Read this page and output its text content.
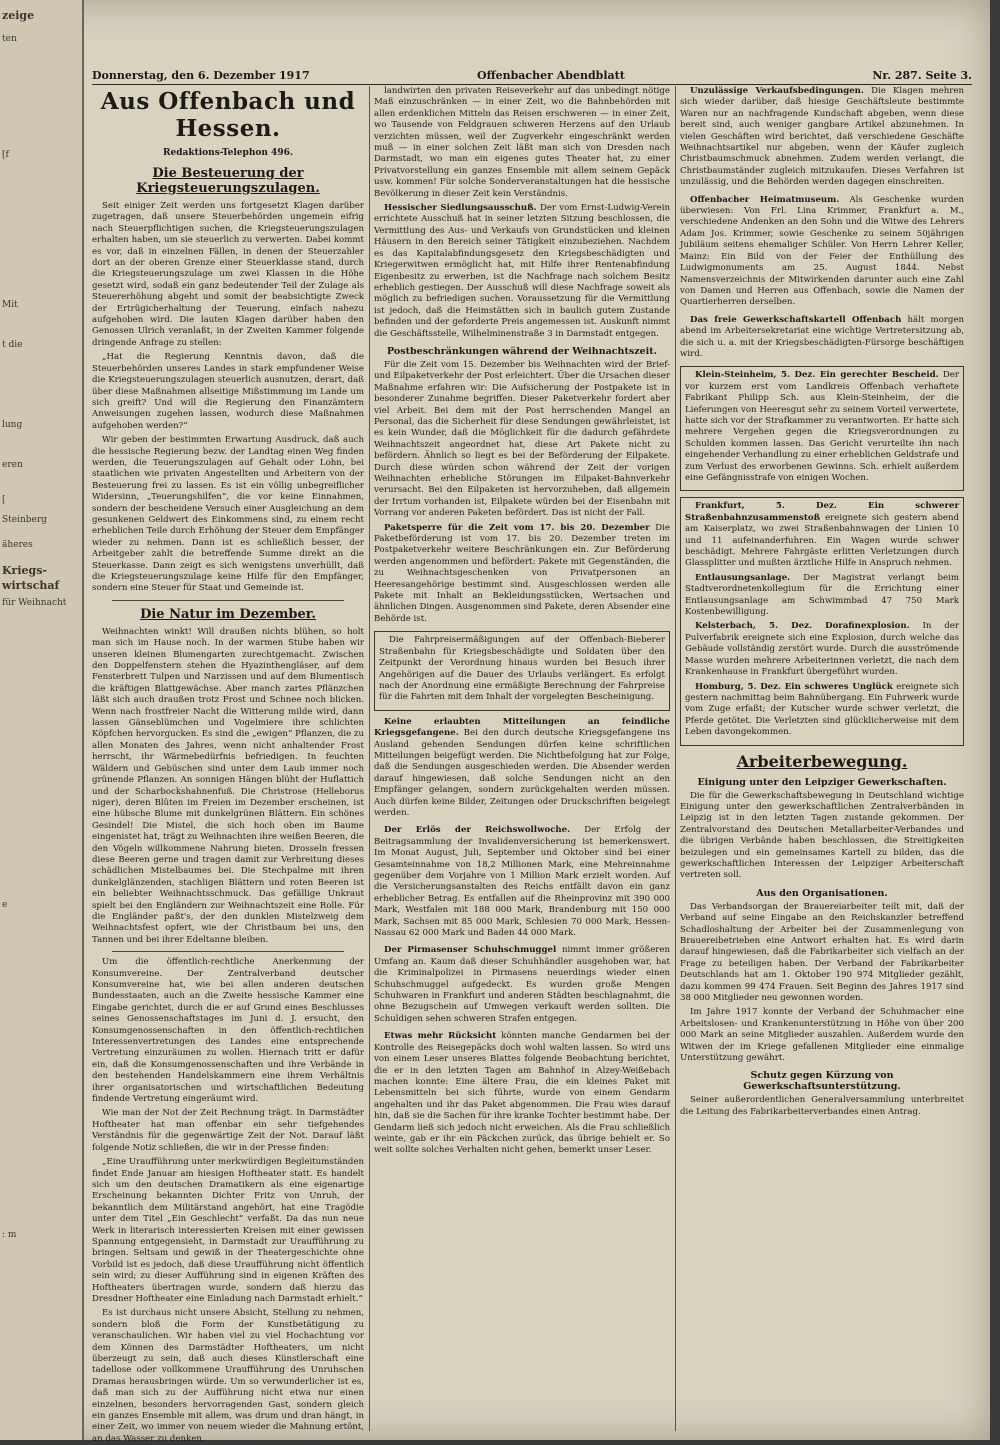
zeige
ten
[f
Mit
t die
lung
eren
[
Steinberg
äheres
Kriegs-
wirtschaf
für Weihnacht
e
: m
Donnerstag, den 6. Dezember 1917	Offenbacher Abendblatt	Nr. 287. Seite 3.
Aus Offenbach und Hessen.
Redaktions-Telephon 496.
Die Besteuerung der Kriegsteuerungszulagen.

Seit einiger Zeit werden uns fortgesetzt Klagen darüber zugetragen, daß unsere Steuerbehörden ungemein eifrig nach Steuerpflichtigen suchen, die Kriegsteuerungszulagen erhalten haben, um sie steuerlich zu verwerten. Dabei kommt es vor, daß in einzelnen Fällen, in denen der Steuerzahler dort an der oberen Grenze einer Steuerklasse stand, durch die Kriegsteuerungszulage um zwei Klassen in die Höhe gesetzt wird, sodaß ein ganz bedeutender Teil der Zulage als Steuererhöhung abgeht und somit der beabsichtigte Zweck der Ertrügicherhaltung der Teuerung, einfach nahezu aufgehoben wird. Die lauten Klagen darüber haben den Genossen Ulrich veranlaßt, in der Zweiten Kammer folgende dringende Anfrage zu stellen:

„Hat die Regierung Kenntnis davon, daß die Steuerbehörden unseres Landes in stark empfundener Weise die Kriegsteuerungszulagen steuerlich ausnutzen, derart, daß über diese Maßnahmen allseitige Mißstimmung im Lande um sich greift? Und will die Regierung den Finanzämtern Anweisungen zugehen lassen, wodurch diese Maßnahmen aufgehoben werden?“

Wir geben der bestimmten Erwartung Ausdruck, daß auch die hessische Regierung bezw. der Landtag einen Weg finden werden, die Teuerungszulagen auf Gehalt oder Lohn, bei staatlichen wie privaten Angestellten und Arbeitern von der Besteuerung frei zu lassen. Es ist ein völlig unbegreiflicher Widersinn, „Teuerungshilfen“, die vor keine Einnahmen, sondern der bescheidene Versuch einer Ausgleichung an dem gesunkenen Geldwert des Einkommens sind, zu einem recht erheblichen Teile durch Erhöhung der Steuer dem Empfänger wieder zu nehmen. Dann ist es schließlich besser, der Arbeitgeber zahlt die betreffende Summe direkt an die Steuerkasse. Dann zeigt es sich wenigstens unverhüllt, daß die Kriegsteuerungszulage keine Hilfe für den Empfänger, sondern eine Steuer für Staat und Gemeinde ist.

Die Natur im Dezember.

Weihnachten winkt! Will draußen nichts blühen, so holt man sich im Hause noch. In der warmen Stube haben wir unseren kleinen Blumengarten zurechtgemacht. Zwischen den Doppelfenstern stehen die Hyazinthengläser, auf dem Fensterbrett Tulpen und Narzissen und auf dem Blumentisch die kräftigen Blattgewächse. Aber manch zartes Pflänzchen läßt sich auch draußen trotz Frost und Schnee noch blicken. Wenn nach frostfreier Nacht die Witterung milde wird, dann lassen Gänseblümchen und Vogelmiere ihre schlichten Köpfchen hervorgucken. Es sind die „ewigen“ Pflanzen, die zu allen Monaten des Jahres, wenn nicht anhaltender Frost herrscht, ihr Wärmebedürfnis befriedigen. In feuchten Wäldern und Gebüschen sind unter dem Laub immer noch grünende Pflanzen. An sonnigen Hängen blüht der Huflattich und der Scharbockshahnenfuß. Die Christrose (Helleborus niger), deren Blüten im Freien im Dezember erscheinen, ist eine hübsche Blume mit dunkelgrünen Blättern. Ein schönes Gesindel! Die Mistel, die sich hoch oben im Baume eingenistet hat, trägt zu Weihnachten ihre weißen Beeren, die den Vögeln willkommene Nahrung bieten. Drosseln fressen diese Beeren gerne und tragen damit zur Verbreitung dieses schädlichen Mistelbaumes bei. Die Stechpalme mit ihren dunkelglänzenden, stachligen Blättern und roten Beeren ist ein beliebter Weihnachtsschmuck. Das gefällige Unkraut spielt bei den Engländern zur Weihnachtszeit eine Rolle. Für die Engländer paßt's, der den dunklen Mistelzweig dem Weihnachtsfest opfert, wie der Christbaum bei uns, den Tannen und bei ihrer Edeltanne bleiben.

Um die öffentlich-rechtliche Anerkennung der Konsumvereine. Der Zentralverband deutscher Konsumvereine hat, wie bei allen anderen deutschen Bundesstaaten, auch an die Zweite hessische Kammer eine Eingabe gerichtet, durch die er auf Grund eines Beschlusses seines Genossenschaftstages im Juni d. J. ersucht, den Konsumgenossenschaften in den öffentlich-rechtlichen Interessenvertretungen des Landes eine entsprechende Vertretung einzuräumen zu wollen. Hiernach tritt er dafür ein, daß die Konsumgenossenschaften und ihre Verbände in den bestehenden Handelskammern eine ihrem Verhältnis ihrer organisatorischen und wirtschaftlichen Bedeutung findende Vertretung eingeräumt wird.

Wie man der Not der Zeit Rechnung trägt. In Darmstädter Hoftheater hat man offenbar ein sehr tiefgehendes Verständnis für die gegenwärtige Zeit der Not. Darauf läßt folgende Notiz schließen, die wir in der Presse finden:

„Eine Uraufführung unter merkwürdigen Begleitumständen findet Ende Januar am hiesigen Hoftheater statt. Es handelt sich um den deutschen Dramatikern als eine eigenartige Erscheinung bekannten Dichter Fritz von Unruh, der bekanntlich dem Militärstand angehört, hat eine Tragödie unter dem Titel „Ein Geschlecht“ verfaßt. Da das nun neue Werk in literarisch interessierten Kreisen mit einer gewissen Spannung entgegensieht, in Darmstadt zur Uraufführung zu bringen. Seltsam und gewiß in der Theatergeschichte ohne Vorbild ist es jedoch, daß diese Uraufführung nicht öffentlich sein wird; zu dieser Aufführung sind in eigenen Kräften des Hoftheaters übertragen wurde, sondern daß hierzu das Dresdner Hoftheater eine Einladung nach Darmstadt erhielt.“

Es ist durchaus nicht unsere Absicht, Stellung zu nehmen, sondern bloß die Form der Kunstbetätigung zu veranschaulichen. Wir haben viel zu viel Hochachtung vor dem Können des Darmstädter Hoftheaters, um nicht überzeugt zu sein, daß auch dieses Künstlerschaft eine tadellose oder vollkommene Uraufführung des Unruhschen Dramas herausbringen würde. Um so verwunderlicher ist es, daß man sich zu der Aufführung nicht etwa nur einen einzelnen, besonders hervorragenden Gast, sondern gleich ein ganzes Ensemble mit allem, was drum und dran hängt, in einer Zeit, wo immer von neuem wieder die Mahnung ertönt, an das Wasser zu denken.

landwirten den privaten Reiseverkehr auf das unbedingt nötige Maß einzuschränken — in einer Zeit, wo die Bahnbehörden mit allen erdenklichen Mitteln das Reisen erschweren — in einer Zeit, wo Tausende von Feldgrauen schweren Herzens auf den Urlaub verzichten müssen, weil der Zugverkehr eingeschränkt werden muß — in einer solchen Zeit läßt man sich von Dresden nach Darmstadt, wo man ein eigenes gutes Theater hat, zu einer Privatvorstellung ein ganzes Ensemble mit allem seinem Gepäck usw. kommen! Für solche Sonderveranstaltungen hat die hessische Bevölkerung in dieser Zeit kein Verständnis.

Hessischer Siedlungsausschuß. Der vom Ernst-Ludwig-Verein errichtete Ausschuß hat in seiner letzten Sitzung beschlossen, die Vermittlung des Aus- und Verkaufs von Grundstücken und kleinen Häusern in den Bereich seiner Tätigkeit einzubeziehen. Nachdem es das Kapitalabfindungsgesetz den Kriegsbeschädigten und Kriegerwitwen ermöglicht hat, mit Hilfe ihrer Rentenabfindung Eigenbesitz zu erwerben, ist die Nachfrage nach solchem Besitz erheblich gestiegen. Der Ausschuß will diese Nachfrage soweit als möglich zu befriedigen suchen. Voraussetzung für die Vermittlung ist jedoch, daß die Heimstätten sich in baulich gutem Zustande befinden und der geforderte Preis angemessen ist. Auskunft nimmt die Geschäftsstelle, Wilhelminenstraße 3 in Darmstadt entgegen.

Postbeschränkungen während der Weihnachtszeit.

Für die Zeit vom 15. Dezember bis Weihnachten wird der Brief- und Eilpaketverkehr der Post erleichtert. Über die Ursachen dieser Maßnahme erfahren wir: Die Aufsicherung der Postpakete ist in besonderer Zunahme begriffen. Dieser Paketverkehr fordert aber viel Arbeit. Bei dem mit der Post herrschenden Mangel an Personal, das die Sicherheit für diese Sendungen gewährleistet, ist es kein Wunder, daß die Möglichkeit für die dadurch gefährdete Weihnachtszeit angeordnet hat, diese Art Pakete nicht zu befördern. Ähnlich so liegt es bei der Beförderung der Eilpakete. Durch diese würden schon während der Zeit der vorigen Weihnachten erhebliche Störungen im Eilpaket-Bahnverkehr verursacht. Bei den Eilpaketen ist hervorzuheben, daß allgemein der Irrtum vorhanden ist, Eilpakete würden bei der Eisenbahn mit Vorrang vor anderen Paketen befördert. Das ist nicht der Fall.

Paketsperre für die Zeit vom 17. bis 20. Dezember Die Paketbeförderung ist vom 17. bis 20. Dezember treten im Postpaketverkehr weitere Beschränkungen ein. Zur Beförderung werden angenommen und befördert: Pakete mit Gegenständen, die zu Weihnachtsgeschenken von Privatpersonen an Heeresangehörige bestimmt sind. Ausgeschlossen werden alle Pakete mit Inhalt an Bekleidungsstücken, Wertsachen und ähnlichen Dingen. Ausgenommen sind Pakete, deren Absender eine Behörde ist.

Die Fahrpreisermäßigungen auf der Offenbach-Bieberer Straßenbahn für Kriegsbeschädigte und Soldaten über den Zeitpunkt der Verordnung hinaus wurden bei Besuch ihrer Angehörigen auf die Dauer des Urlaubs verlängert. Es erfolgt nach der Anordnung eine ermäßigte Berechnung der Fahrpreise für die Fahrten mit dem Inhalt der vorgelegten Bescheinigung.

Keine erlaubten Mitteilungen an feindliche Kriegsgefangene. Bei den durch deutsche Kriegsgefangene ins Ausland gehenden Sendungen dürfen keine schriftlichen Mitteilungen beigefügt werden. Die Nichtbefolgung hat zur Folge, daß die Sendungen ausgeschieden werden. Die Absender werden darauf hingewiesen, daß solche Sendungen nicht an den Empfänger gelangen, sondern zurückgehalten werden müssen. Auch dürfen keine Bilder, Zeitungen oder Druckschriften beigelegt werden.

Der Erlös der Reichswollwoche. Der Erfolg der Beitragsammlung der Invalidenversicherung ist bemerkenswert. Im Monat August, Juli, September und Oktober sind bei einer Gesamteinnahme von 18,2 Millionen Mark, eine Mehreinnahme gegenüber dem Vorjahre von 1 Million Mark erzielt worden. Auf die Versicherungsanstalten des Reichs entfällt davon ein ganz erheblicher Betrag. Es entfallen auf die Rheinprovinz mit 390 000 Mark, Westfalen mit 188 000 Mark, Brandenburg mit 150 000 Mark, Sachsen mit 85 000 Mark, Schlesien 70 000 Mark, Hessen-Nassau 62 000 Mark und Baden 44 000 Mark.

Der Pirmasenser Schuhschmuggel nimmt immer größeren Umfang an. Kaum daß dieser Schuhhändler ausgehoben war, hat die Kriminalpolizei in Pirmasens neuerdings wieder einen Schuhschmuggel aufgedeckt. Es wurden große Mengen Schuhwaren in Frankfurt und anderen Städten beschlagnahmt, die ohne Bezugschein auf Umwegen verkauft werden sollten. Die Schuldigen sehen schweren Strafen entgegen.

Etwas mehr Rücksicht könnten manche Gendarmen bei der Kontrolle des Reisegepäcks doch wohl walten lassen. So wird uns von einem Leser unseres Blattes folgende Beobachtung berichtet, die er in den letzten Tagen am Bahnhof in Alzey-Weißebach machen konnte: Eine ältere Frau, die ein kleines Paket mit Lebensmitteln bei sich führte, wurde von einem Gendarm angehalten und ihr das Paket abgenommen. Die Frau wies darauf hin, daß sie die Sachen für ihre kranke Tochter bestimmt habe. Der Gendarm ließ sich jedoch nicht erweichen. Als die Frau schließlich weinte, gab er ihr ein Päckchen zurück, das übrige behielt er. So weit sollte solches Verhalten nicht gehen, bemerkt unser Leser.

Unzulässige Verkaufsbedingungen. Die Klagen mehren sich wieder darüber, daß hiesige Geschäftsleute bestimmte Waren nur an nachfragende Kundschaft abgeben, wenn diese bereit sind, auch weniger gangbare Artikel abzunehmen. In vielen Geschäften wird berichtet, daß verschiedene Geschäfte Weihnachtsartikel nur abgeben, wenn der Käufer zugleich Christbaumschmuck abnehmen. Zudem werden verlangt, die Christbaumständer zugleich mitzukaufen. Dieses Verfahren ist unzulässig, und die Behörden werden dagegen einschreiten.

Offenbacher Heimatmuseum. Als Geschenke wurden überwiesen: Von Frl. Lina Krimmer, Frankfurt a. M., verschiedene Andenken an den Sohn und die Witwe des Lehrers Adam Jos. Krimmer, sowie Geschenke zu seinem 50jährigen Jubiläum seitens ehemaliger Schüler. Von Herrn Lehrer Keller, Mainz: Ein Bild von der Feier der Enthüllung des Ludwigmonuments am 25. August 1844. Nebst Namensverzeichnis der Mitwirkenden darunter auch eine Zahl von Damen und Herren aus Offenbach, sowie die Namen der Quartierherren derselben.

Das freie Gewerkschaftskartell Offenbach hält morgen abend im Arbeitersekretariat eine wichtige Vertretersitzung ab, die sich u. a. mit der Kriegsbeschädigten-Fürsorge beschäftigen wird.

Klein-Steinheim, 5. Dez. Ein gerechter Bescheid. Der vor kurzem erst vom Landkreis Offenbach verhaftete Fabrikant Philipp Sch. aus Klein-Steinheim, der die Lieferungen von Heeresgut sehr zu seinem Vorteil verwertete, hatte sich vor der Strafkammer zu verantworten. Er hatte sich mehrere Vergehen gegen die Kriegsverordnungen zu Schulden kommen lassen. Das Gericht verurteilte ihn nach eingehender Verhandlung zu einer erheblichen Geldstrafe und zum Verlust des erworbenen Gewinns. Sch. erhielt außerdem eine Gefängnisstrafe von einigen Wochen.

Frankfurt, 5. Dez. Ein schwerer Straßenbahnzusammenstoß ereignete sich gestern abend am Kaiserplatz, wo zwei Straßenbahnwagen der Linien 10 und 11 aufeinanderfuhren. Ein Wagen wurde schwer beschädigt. Mehrere Fahrgäste erlitten Verletzungen durch Glassplitter und mußten ärztliche Hilfe in Anspruch nehmen.

Entlausungsanlage. Der Magistrat verlangt beim Stadtverordnetenkollegium für die Errichtung einer Entlausungsanlage am Schwimmbad 47 750 Mark Kostenbewilligung.

Kelsterbach, 5. Dez. Dorafinexplosion. In der Pulverfabrik ereignete sich eine Explosion, durch welche das Gebäude vollständig zerstört wurde. Durch die ausströmende Masse wurden mehrere Arbeiterinnen verletzt, die nach dem Krankenhause in Frankfurt übergeführt wurden.

Homburg, 5. Dez. Ein schweres Unglück ereignete sich gestern nachmittag beim Bahnübergang. Ein Fuhrwerk wurde vom Zuge erfaßt; der Kutscher wurde schwer verletzt, die Pferde getötet. Die Verletzten sind glücklicherweise mit dem Leben davongekommen.

Arbeiterbewegung.
Einigung unter den Leipziger Gewerkschaften.

Die für die Gewerkschaftsbewegung in Deutschland wichtige Einigung unter den gewerkschaftlichen Zentralverbänden in Leipzig ist in den letzten Tagen zustande gekommen. Der Zentralvorstand des Deutschen Metallarbeiter-Verbandes und die übrigen Verbände haben beschlossen, die Streitigkeiten beizulegen und ein gemeinsames Kartell zu bilden, das die gewerkschaftlichen Interessen der Leipziger Arbeiterschaft vertreten soll.

Aus den Organisationen.

Das Verbandsorgan der Brauereiarbeiter teilt mit, daß der Verband auf seine Eingabe an den Reichskanzler betreffend Schadloshaltung der Arbeiter bei der Zusammenlegung von Brauereibetrieben eine Antwort erhalten hat. Es wird darin darauf hingewiesen, daß die Fabrikarbeiter sich vielfach an der Frage zu beteiligen haben. Der Verband der Fabrikarbeiter Deutschlands hat am 1. Oktober 190 974 Mitglieder gezählt, dazu kommen 99 474 Frauen. Seit Beginn des Jahres 1917 sind 38 000 Mitglieder neu gewonnen worden.

Im Jahre 1917 konnte der Verband der Schuhmacher eine Arbeitslosen- und Krankenunterstützung in Höhe von über 200 000 Mark an seine Mitglieder auszahlen. Außerdem wurde den Witwen der im Kriege gefallenen Mitglieder eine einmalige Unterstützung gewährt.

Schutz gegen Kürzung von Gewerkschaftsunterstützung.

Seiner außerordentlichen Generalversammlung unterbreitet die Leitung des Fabrikarbeiterverbandes einen Antrag.
